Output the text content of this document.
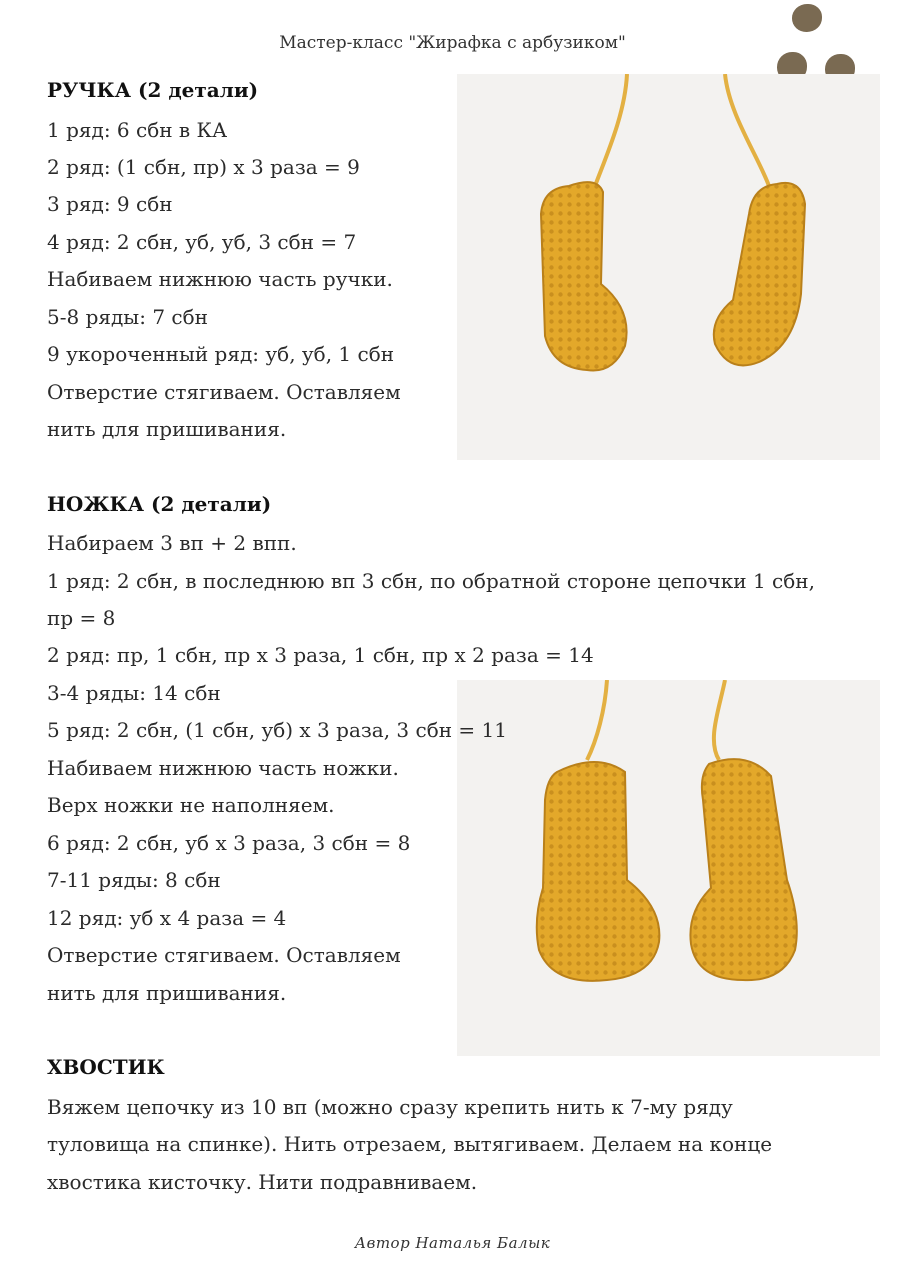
Мастер-класс "Жирафка с арбузиком"
РУЧКА (2 детали)
1 ряд: 6 сбн в КА
2 ряд: (1 сбн, пр) х 3 раза = 9
3 ряд: 9 сбн
4 ряд: 2 сбн, уб, уб, 3 сбн = 7
Набиваем нижнюю часть ручки.
5-8 ряды: 7 сбн
9 укороченный ряд: уб, уб, 1 сбн
Отверстие стягиваем. Оставляем
нить для пришивания.
НОЖКА (2 детали)
Набираем 3 вп + 2 впп.
1 ряд: 2 сбн, в последнюю вп 3 сбн, по обратной стороне цепочки 1 сбн,
пр = 8
2 ряд: пр, 1 сбн, пр х 3 раза, 1 сбн, пр х 2 раза = 14
3-4 ряды: 14 сбн
5 ряд: 2 сбн, (1 сбн, уб) х 3 раза, 3 сбн = 11
Набиваем нижнюю часть ножки.
Верх ножки не наполняем.
6 ряд: 2 сбн, уб х 3 раза, 3 сбн = 8
7-11 ряды: 8 сбн
12 ряд: уб х 4 раза = 4
Отверстие стягиваем. Оставляем
нить для пришивания.
ХВОСТИК
Вяжем цепочку из 10 вп (можно сразу крепить нить к 7-му ряду
туловища на спинке). Нить отрезаем, вытягиваем. Делаем на конце
хвостика кисточку. Нити подравниваем.
Автор Наталья Балык
